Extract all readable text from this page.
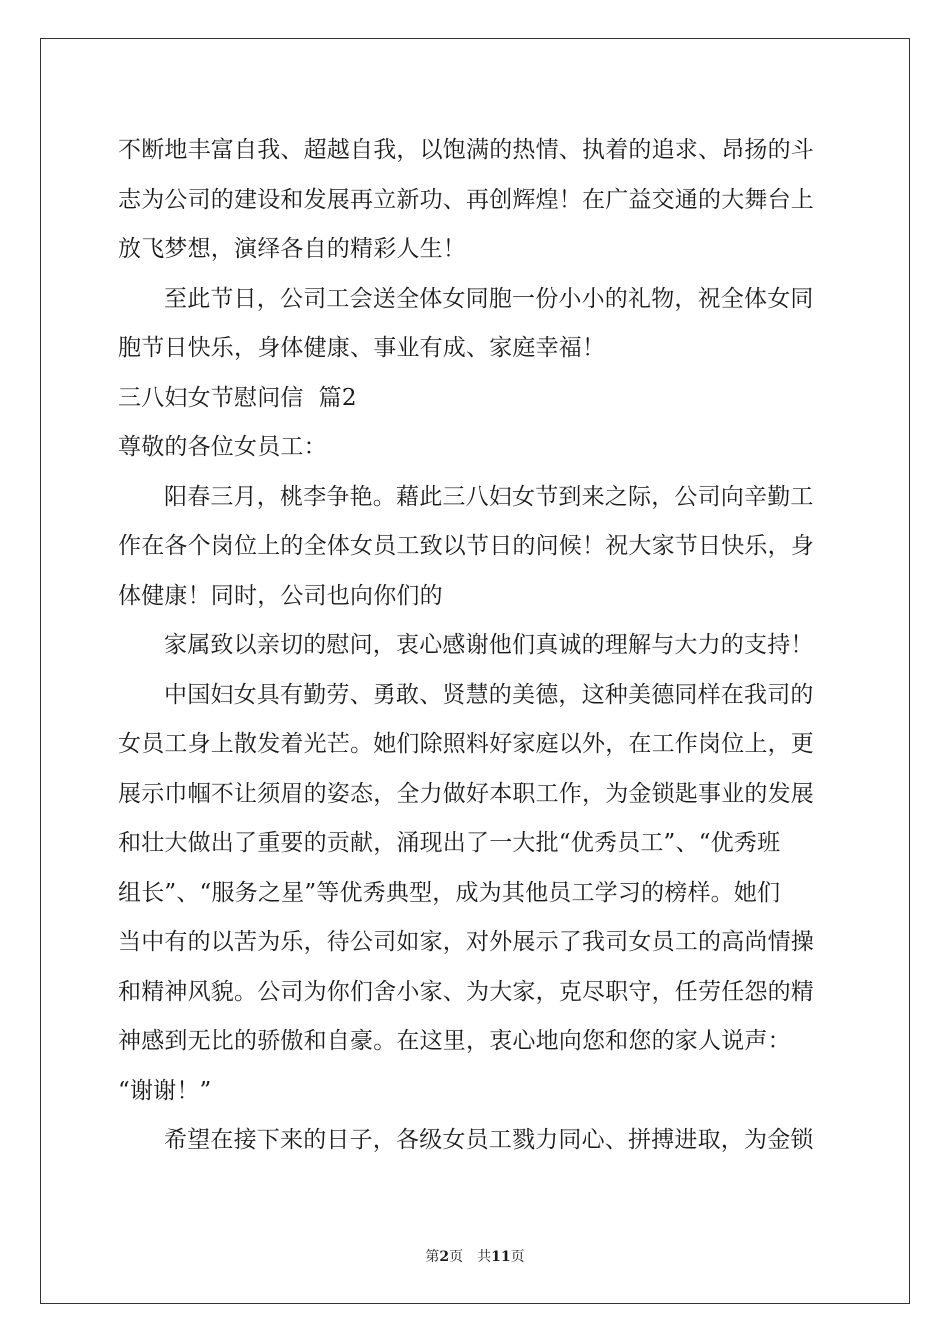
不断地丰富自我、超越自我，以饱满的热情、执着的追求、昂扬的斗
志为公司的建设和发展再立新功、再创辉煌！在广益交通的大舞台上
放飞梦想，演绎各自的精彩人生！
至此节日，公司工会送全体女同胞一份小小的礼物，祝全体女同
胞节日快乐，身体健康、事业有成、家庭幸福！
三八妇女节慰问信  篇2
尊敬的各位女员工：
阳春三月，桃李争艳。藉此三八妇女节到来之际，公司向辛勤工
作在各个岗位上的全体女员工致以节日的问候！祝大家节日快乐，身
体健康！同时，公司也向你们的
家属致以亲切的慰问，衷心感谢他们真诚的理解与大力的支持！
中国妇女具有勤劳、勇敢、贤慧的美德，这种美德同样在我司的
女员工身上散发着光芒。她们除照料好家庭以外，在工作岗位上，更
展示巾帼不让须眉的姿态，全力做好本职工作，为金锁匙事业的发展
和壮大做出了重要的贡献，涌现出了一大批“优秀员工”、“优秀班
组长”、“服务之星”等优秀典型，成为其他员工学习的榜样。她们
当中有的以苦为乐，待公司如家，对外展示了我司女员工的高尚情操
和精神风貌。公司为你们舍小家、为大家，克尽职守，任劳任怨的精
神感到无比的骄傲和自豪。在这里，衷心地向您和您的家人说声：
“谢谢！”
希望在接下来的日子，各级女员工戮力同心、拼搏进取，为金锁
第2页 共11页
